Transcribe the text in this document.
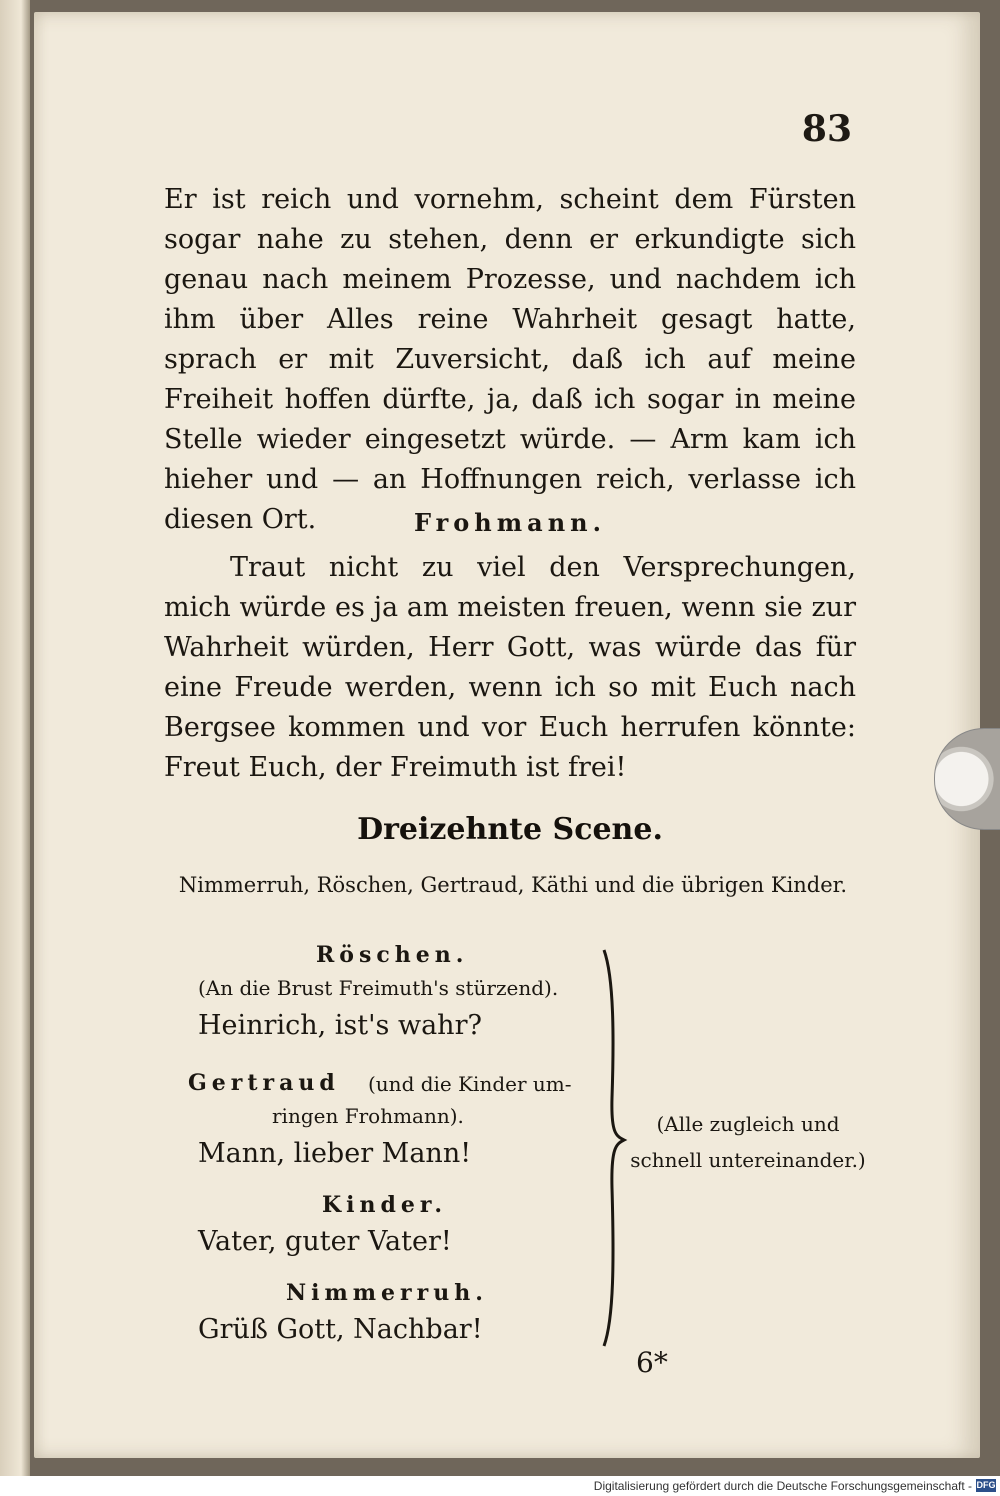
83

Er ist reich und vornehm, scheint dem Fürsten sogar nahe zu stehen, denn er erkundigte sich genau nach meinem Prozesse, und nachdem ich ihm über Alles reine Wahrheit gesagt hatte, sprach er mit Zuversicht, daß ich auf meine Freiheit hoffen dürfte, ja, daß ich sogar in meine Stelle wieder eingesetzt würde. — Arm kam ich hieher und — an Hoffnungen reich, verlasse ich diesen Ort.	Frohmann.

Traut nicht zu viel den Versprechungen, mich würde es ja am meisten freuen, wenn sie zur Wahrheit würden, Herr Gott, was würde das für eine Freude werden, wenn ich so mit Euch nach Bergsee kommen und vor Euch herrufen könnte: Freut Euch, der Freimuth ist frei!

Dreizehnte Scene.

Nimmerruh, Röschen, Gertraud, Käthi und die übrigen Kinder.

Röschen.

(An die Brust Freimuth's stürzend).

Heinrich, ist's wahr?

Gertraud (und die Kinder um-

ringen Frohmann).

Mann, lieber Mann!

Kinder.

Vater, guter Vater!

Nimmerruh.

Grüß Gott, Nachbar!

(Alle zugleich und
schnell untereinander.)

6*
Digitalisierung gefördert durch die Deutsche Forschungsgemeinschaft - DFG
